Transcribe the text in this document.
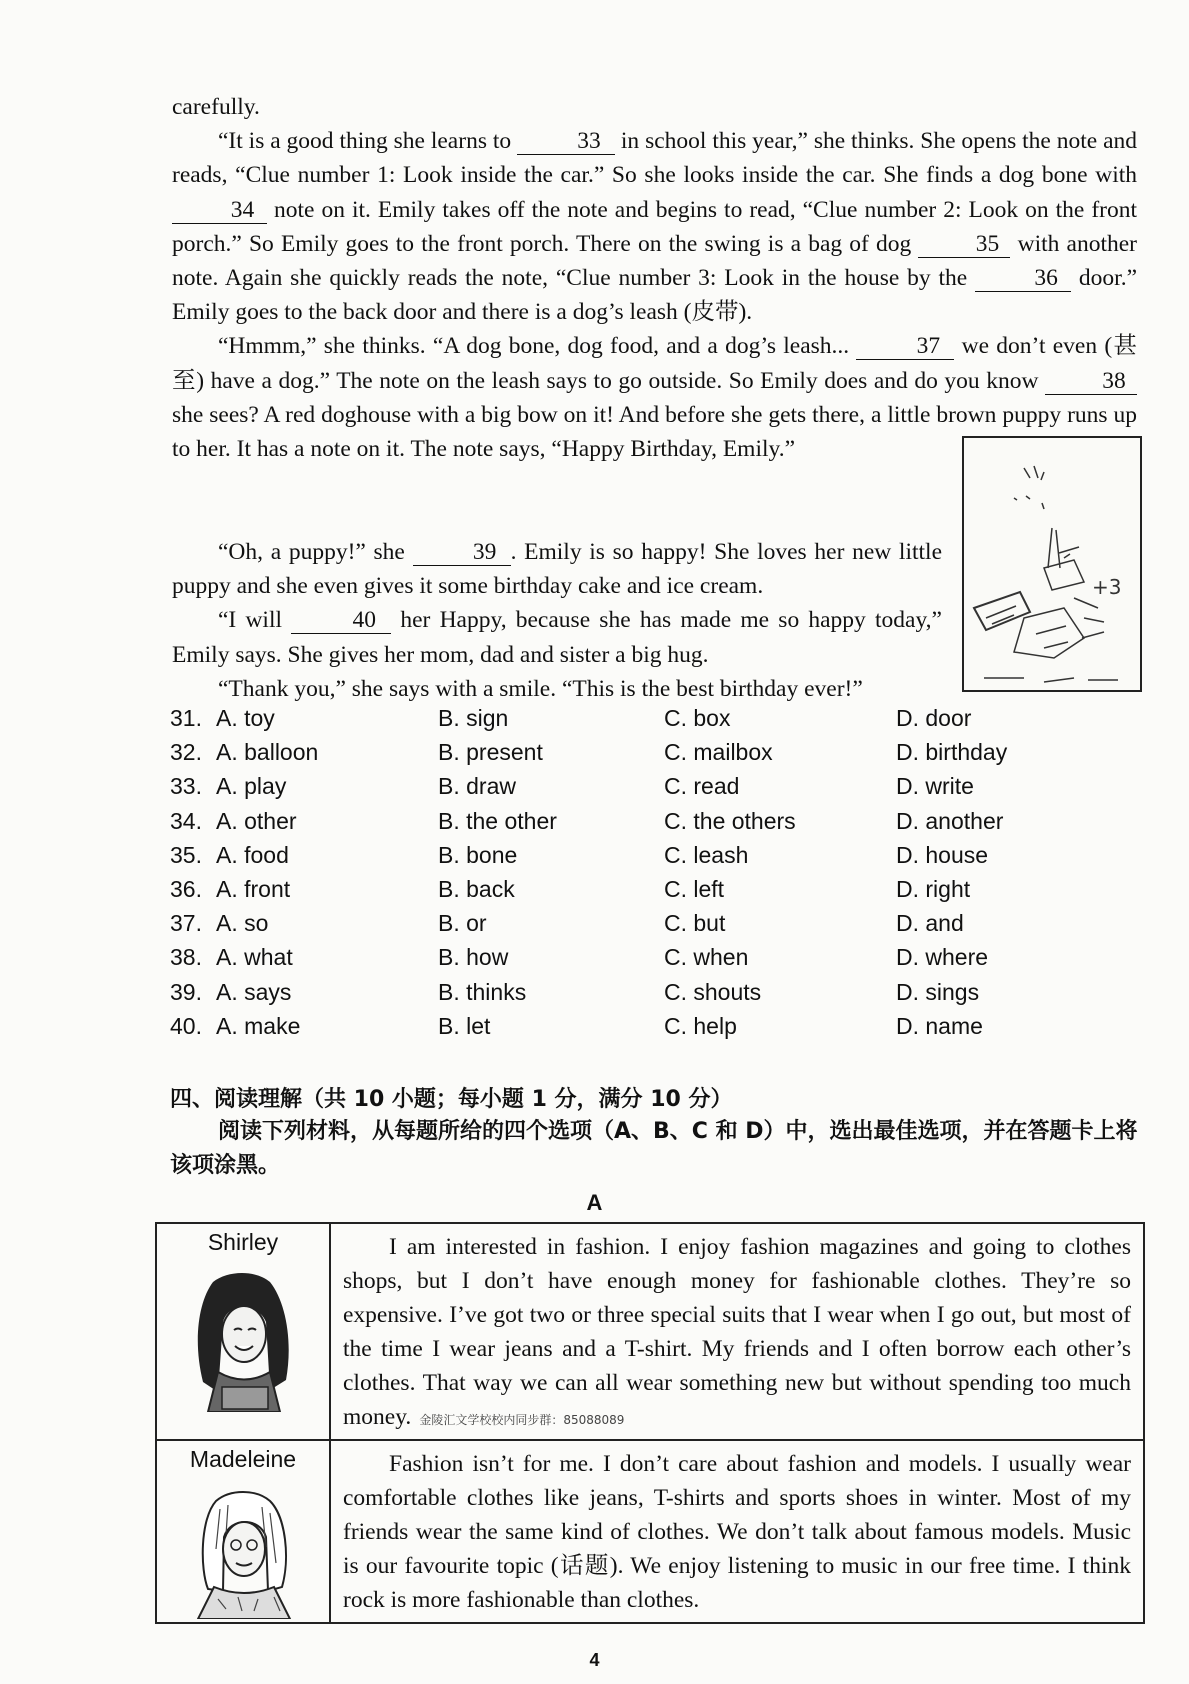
carefully.

“It is a good thing she learns to	33 in school this year,” she thinks. She opens the note and reads, “Clue number 1: Look inside the car.” So she looks inside the car. She finds a dog bone with 34 note on it. Emily takes off the note and begins to read, “Clue number 2: Look on the front porch.” So Emily goes to the front porch. There on the swing is a bag of dog	35 with another note. Again she quickly reads the note, “Clue number 3: Look in the house by the	36 door.” Emily goes to the back door and there is a dog’s leash (皮带).

“Hmmm,” she thinks. “A dog bone, dog food, and a dog’s leash...	37 we don’t even (甚至) have a dog.” The note on the leash says to go outside. So Emily does and do you know	38 she sees? A red doghouse with a big bow on it! And before she gets there, a little brown puppy runs up to her. It has a note on it. The note says, “Happy Birthday, Emily.”

“Oh, a puppy!” she	39 . Emily is so happy! She loves her new little puppy and she even gives it some birthday cake and ice cream.

“I will	40 her Happy, because she has made me so happy today,” Emily says. She gives her mom, dad and sister a big hug.

“Thank you,” she says with a smile. “This is the best birthday ever!”

+3
31. A. toy	B. sign	C. box	D. door
32. A. balloon	B. present	C. mailbox	D. birthday
33. A. play	B. draw	C. read	D. write
34. A. other	B. the other	C. the others	D. another
35. A. food	B. bone	C. leash	D. house
36. A. front	B. back	C. left	D. right
37. A. so	B. or	C. but	D. and
38. A. what	B. how	C. when	D. where
39. A. says	B. thinks	C. shouts	D. sings
40. A. make	B. let	C. help	D. name
四、阅读理解（共 10 小题；每小题 1 分，满分 10 分）
阅读下列材料，从每题所给的四个选项（A、B、C 和 D）中，选出最佳选项，并在答题卡上将该项涂黑。
A
Shirley	I am interested in fashion. I enjoy fashion magazines and going to clothes shops, but I don’t have enough money for fashionable clothes. They’re so expensive. I’ve got two or three special suits that I wear when I go out, but most of the time I wear jeans and a T-shirt. My friends and I often borrow each other’s clothes. That way we can all wear something new but without spending too much money. 金陵汇文学校校内同步群：85088089

Madeleine	Fashion isn’t for me. I don’t care about fashion and models. I usually wear comfortable clothes like jeans, T-shirts and sports shoes in winter. Most of my friends wear the same kind of clothes. We don’t talk about famous models. Music is our favourite topic (话题). We enjoy listening to music in our free time. I think rock is more fashionable than clothes.
4
